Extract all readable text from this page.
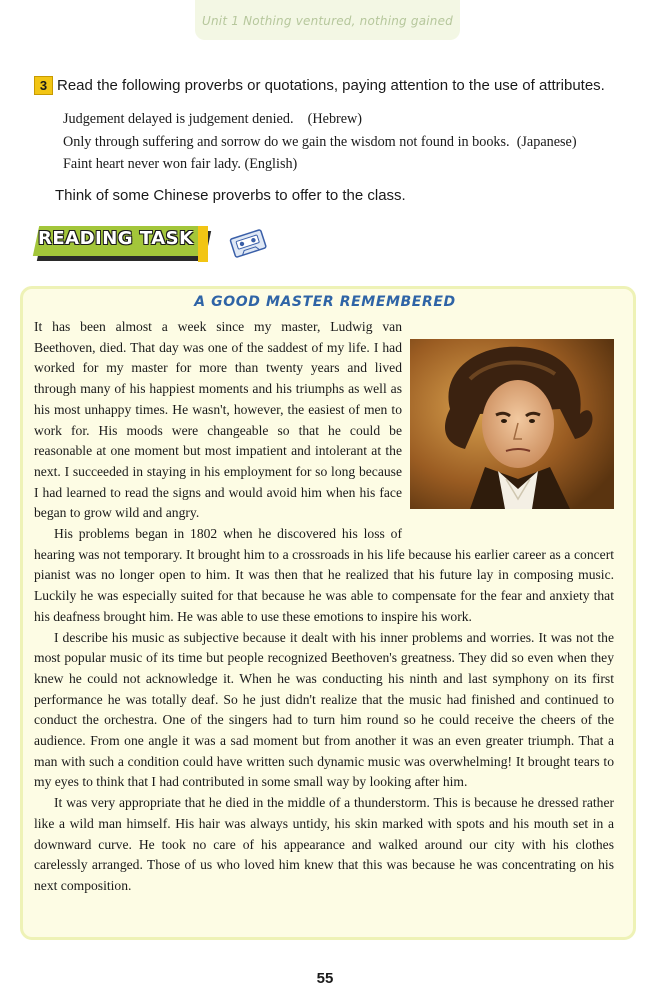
Unit 1 Nothing ventured, nothing gained
3 Read the following proverbs or quotations, paying attention to the use of attributes.
Judgement delayed is judgement denied. (Hebrew)
Only through suffering and sorrow do we gain the wisdom not found in books. (Japanese)
Faint heart never won fair lady. (English)
Think of some Chinese proverbs to offer to the class.
READING TASK
A GOOD MASTER REMEMBERED

It has been almost a week since my master, Ludwig van Beethoven, died. That day was one of the saddest of my life. I had worked for my master for more than twenty years and lived through many of his happiest moments and his triumphs as well as his most unhappy times. He wasn't, however, the easiest of men to work for. His moods were changeable so that he could be reasonable at one moment but most impatient and intolerant at the next. I succeeded in staying in his employment for so long because I had learned to read the signs and would avoid him when his face began to grow wild and angry.

His problems began in 1802 when he discovered his loss of hearing was not temporary. It brought him to a crossroads in his life because his earlier career as a concert pianist was no longer open to him. It was then that he realized that his future lay in composing music. Luckily he was especially suited for that because he was able to compensate for the fear and anxiety that his deafness brought him. He was able to use these emotions to inspire his work.

I describe his music as subjective because it dealt with his inner problems and worries. It was not the most popular music of its time but people recognized Beethoven's greatness. They did so even when they knew he could not acknowledge it. When he was conducting his ninth and last symphony on its first performance he was totally deaf. So he just didn't realize that the music had finished and continued to conduct the orchestra. One of the singers had to turn him round so he could receive the cheers of the audience. From one angle it was a sad moment but from another it was an even greater triumph. That a man with such a condition could have written such dynamic music was overwhelming! It brought tears to my eyes to think that I had contributed in some small way by looking after him.

It was very appropriate that he died in the middle of a thunderstorm. This is because he dressed rather like a wild man himself. His hair was always untidy, his skin marked with spots and his mouth set in a downward curve. He took no care of his appearance and walked around our city with his clothes carelessly arranged. Those of us who loved him knew that this was because he was concentrating on his next composition.

55
